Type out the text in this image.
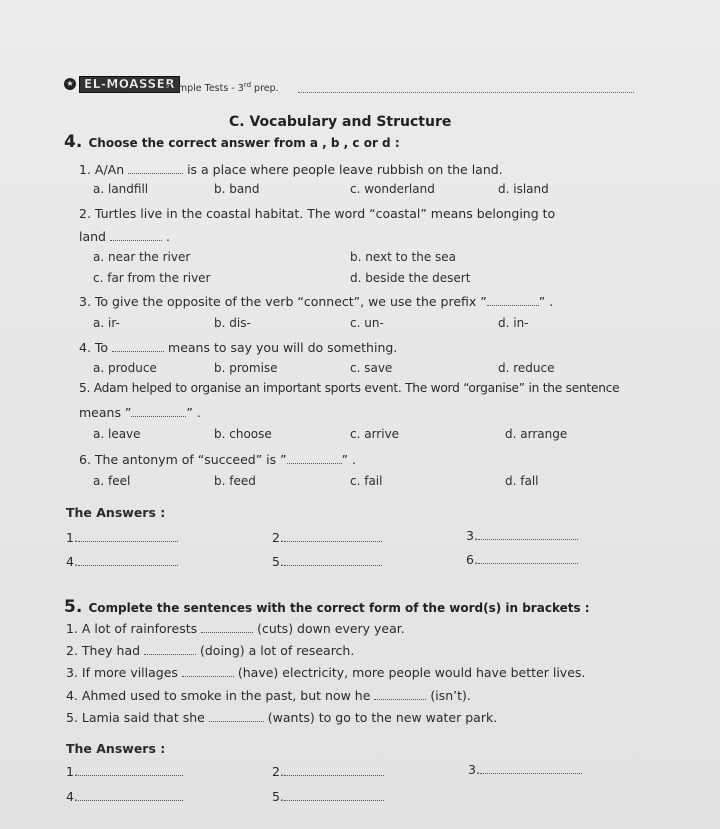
★ EL-MOASSER
Sample Tests - 3rd prep.
C. Vocabulary and Structure
4. Choose the correct answer from a , b , c or d :
1. A/An	is a place where people leave rubbish on the land.
a. landfill	b. band	c. wonderland	d. island
2. Turtles live in the coastal habitat. The word “coastal” means belonging to
land	.
a. near the river	b. next to the sea
c. far from the river	d. beside the desert
3. To give the opposite of the verb “connect”, we use the prefix ”	” .
a. ir-	b. dis-	c. un-	d. in-
4. To	means to say you will do something.
a. produce	b. promise	c. save	d. reduce
5. Adam helped to organise an important sports event. The word “organise” in the sentence
means ”	” .
a. leave	b. choose	c. arrive	d. arrange
6. The antonym of “succeed” is ”	” .
a. feel	b. feed	c. fail	d. fall
The Answers :
1.	2.	3.
4.	5.	6.
5. Complete the sentences with the correct form of the word(s) in brackets :
1. A lot of rainforests	(cuts) down every year.
2. They had	(doing) a lot of research.
3. If more villages	(have) electricity, more people would have better lives.
4. Ahmed used to smoke in the past, but now he	(isn’t).
5. Lamia said that she	(wants) to go to the new water park.
The Answers :
1.	2.	3.
4.	5.
